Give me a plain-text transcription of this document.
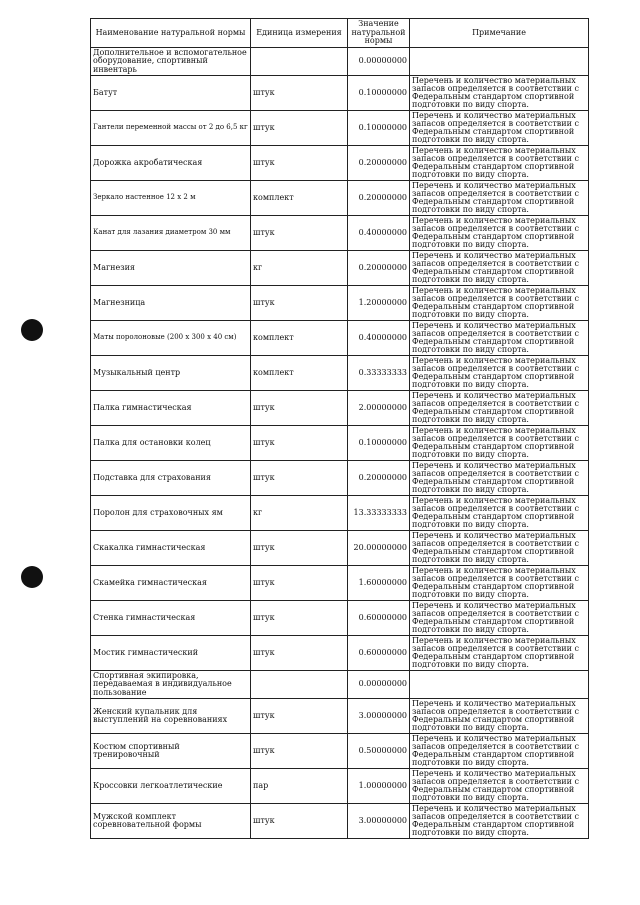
Наименование натуральной нормы	Единица измерения	Значение натуральной нормы	Примечание
Дополнительное и вспомогательное оборудование, спортивный инвентарь		0.00000000	
Батут	штук	0.10000000	Перечень и количество материальных запасов определяется в соответствии с Федеральным стандартом спортивной подготовки по виду спорта.
Гантели переменной массы от 2 до 6,5 кг	штук	0.10000000	Перечень и количество материальных запасов определяется в соответствии с Федеральным стандартом спортивной подготовки по виду спорта.
Дорожка акробатическая	штук	0.20000000	Перечень и количество материальных запасов определяется в соответствии с Федеральным стандартом спортивной подготовки по виду спорта.
Зеркало настенное 12 х 2 м	комплект	0.20000000	Перечень и количество материальных запасов определяется в соответствии с Федеральным стандартом спортивной подготовки по виду спорта.
Канат для лазания диаметром 30 мм	штук	0.40000000	Перечень и количество материальных запасов определяется в соответствии с Федеральным стандартом спортивной подготовки по виду спорта.
Магнезия	кг	0.20000000	Перечень и количество материальных запасов определяется в соответствии с Федеральным стандартом спортивной подготовки по виду спорта.
Магнезница	штук	1.20000000	Перечень и количество материальных запасов определяется в соответствии с Федеральным стандартом спортивной подготовки по виду спорта.
Маты поролоновые (200 х 300 х 40 см)	комплект	0.40000000	Перечень и количество материальных запасов определяется в соответствии с Федеральным стандартом спортивной подготовки по виду спорта.
Музыкальный центр	комплект	0.33333333	Перечень и количество материальных запасов определяется в соответствии с Федеральным стандартом спортивной подготовки по виду спорта.
Палка гимнастическая	штук	2.00000000	Перечень и количество материальных запасов определяется в соответствии с Федеральным стандартом спортивной подготовки по виду спорта.
Палка для остановки колец	штук	0.10000000	Перечень и количество материальных запасов определяется в соответствии с Федеральным стандартом спортивной подготовки по виду спорта.
Подставка для страхования	штук	0.20000000	Перечень и количество материальных запасов определяется в соответствии с Федеральным стандартом спортивной подготовки по виду спорта.
Поролон для страховочных ям	кг	13.33333333	Перечень и количество материальных запасов определяется в соответствии с Федеральным стандартом спортивной подготовки по виду спорта.
Скакалка гимнастическая	штук	20.00000000	Перечень и количество материальных запасов определяется в соответствии с Федеральным стандартом спортивной подготовки по виду спорта.
Скамейка гимнастическая	штук	1.60000000	Перечень и количество материальных запасов определяется в соответствии с Федеральным стандартом спортивной подготовки по виду спорта.
Стенка гимнастическая	штук	0.60000000	Перечень и количество материальных запасов определяется в соответствии с Федеральным стандартом спортивной подготовки по виду спорта.
Мостик гимнастический	штук	0.60000000	Перечень и количество материальных запасов определяется в соответствии с Федеральным стандартом спортивной подготовки по виду спорта.
Спортивная экипировка, передаваемая в индивидуальное пользование		0.00000000	
Женский купальник для выступлений на соревнованиях	штук	3.00000000	Перечень и количество материальных запасов определяется в соответствии с Федеральным стандартом спортивной подготовки по виду спорта.
Костюм спортивный тренировочный	штук	0.50000000	Перечень и количество материальных запасов определяется в соответствии с Федеральным стандартом спортивной подготовки по виду спорта.
Кроссовки легкоатлетические	пар	1.00000000	Перечень и количество материальных запасов определяется в соответствии с Федеральным стандартом спортивной подготовки по виду спорта.
Мужской комплект соревновательной формы	штук	3.00000000	Перечень и количество материальных запасов определяется в соответствии с Федеральным стандартом спортивной подготовки по виду спорта.
